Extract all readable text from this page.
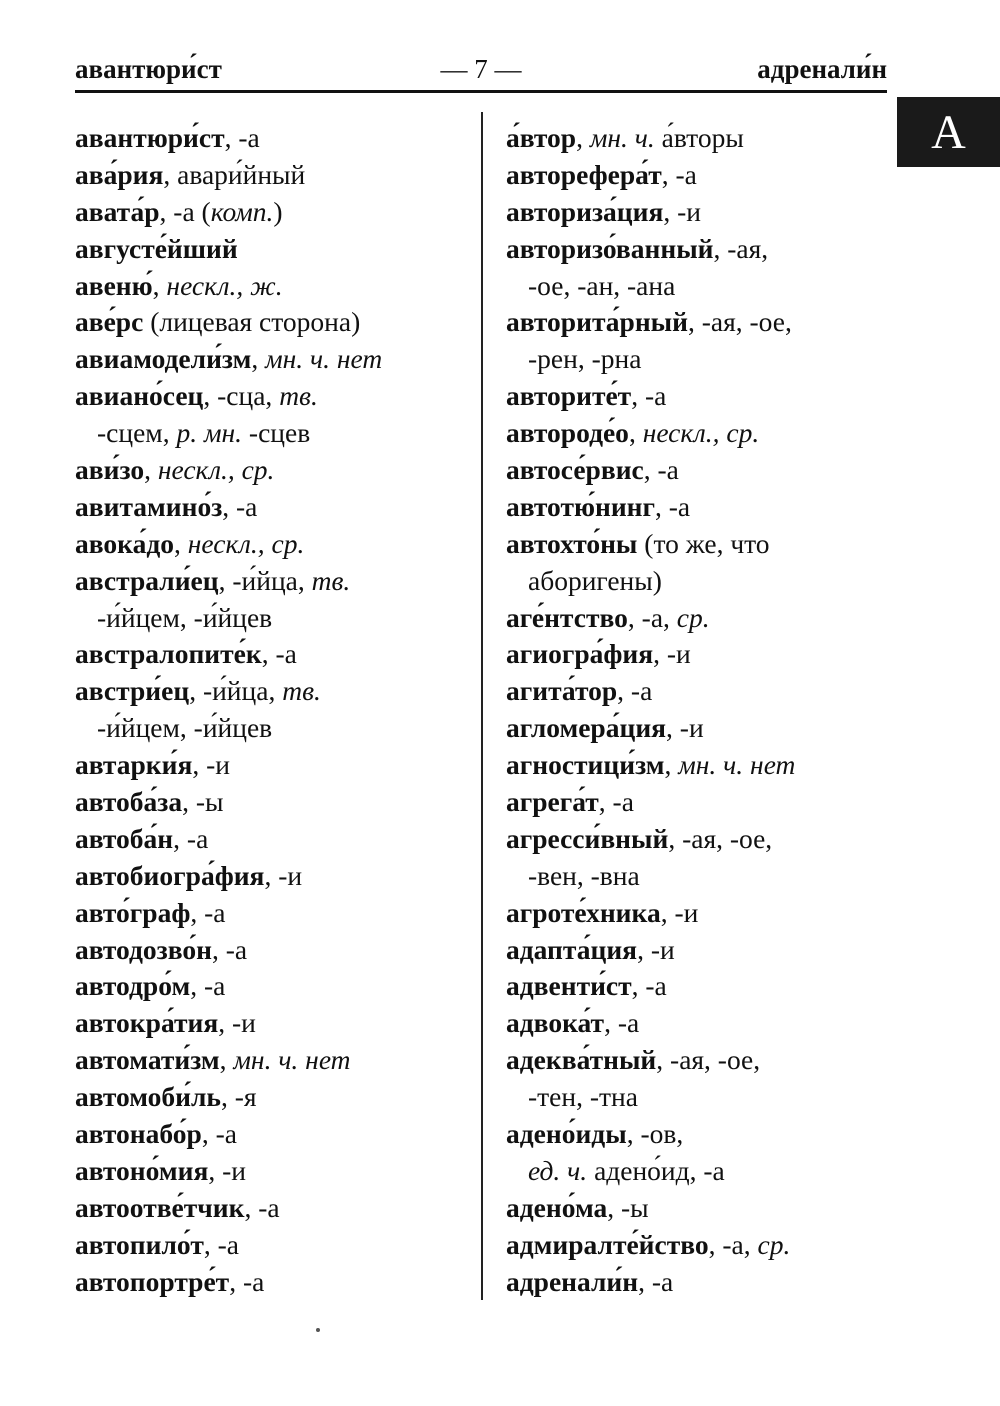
авантюри́ст	— 7 —	адренали́н
А
авантюри́ст, -а
ава́рия, авари́йный
авата́р, -а (комп.)
августе́йший
авеню́, нескл., ж.
аве́рс (лицевая сторона)
авиамодели́зм, мн. ч. нет
авиано́сец, -сца, тв.
-сцем, р. мн. -сцев
ави́зо, нескл., ср.
авитамино́з, -а
авока́до, нескл., ср.
австрали́ец, -и́йца, тв.
-и́йцем, -и́йцев
австралопите́к, -а
австри́ец, -и́йца, тв.
-и́йцем, -и́йцев
автарки́я, -и
автоба́за, -ы
автоба́н, -а
автобиогра́фия, -и
авто́граф, -а
автодозво́н, -а
автодро́м, -а
автокра́тия, -и
автомати́зм, мн. ч. нет
автомоби́ль, -я
автонабо́р, -а
автоно́мия, -и
автоотве́тчик, -а
автопило́т, -а
автопортре́т, -а
а́втор, мн. ч. а́вторы
авторефера́т, -а
авториза́ция, -и
авторизо́ванный, -ая,
-ое, -ан, -ана
авторита́рный, -ая, -ое,
-рен, -рна
авторите́т, -а
автороде́о, нескл., ср.
автосе́рвис, -а
автотю́нинг, -а
автохто́ны (то же, что
аборигены)
аге́нтство, -а, ср.
агиогра́фия, -и
агита́тор, -а
агломера́ция, -и
агностици́зм, мн. ч. нет
агрега́т, -а
агресси́вный, -ая, -ое,
-вен, -вна
агроте́хника, -и
адапта́ция, -и
адвенти́ст, -а
адвока́т, -а
адеква́тный, -ая, -ое,
-тен, -тна
адено́иды, -ов,
ед. ч. адено́ид, -а
адено́ма, -ы
адмиралте́йство, -а, ср.
адренали́н, -а
